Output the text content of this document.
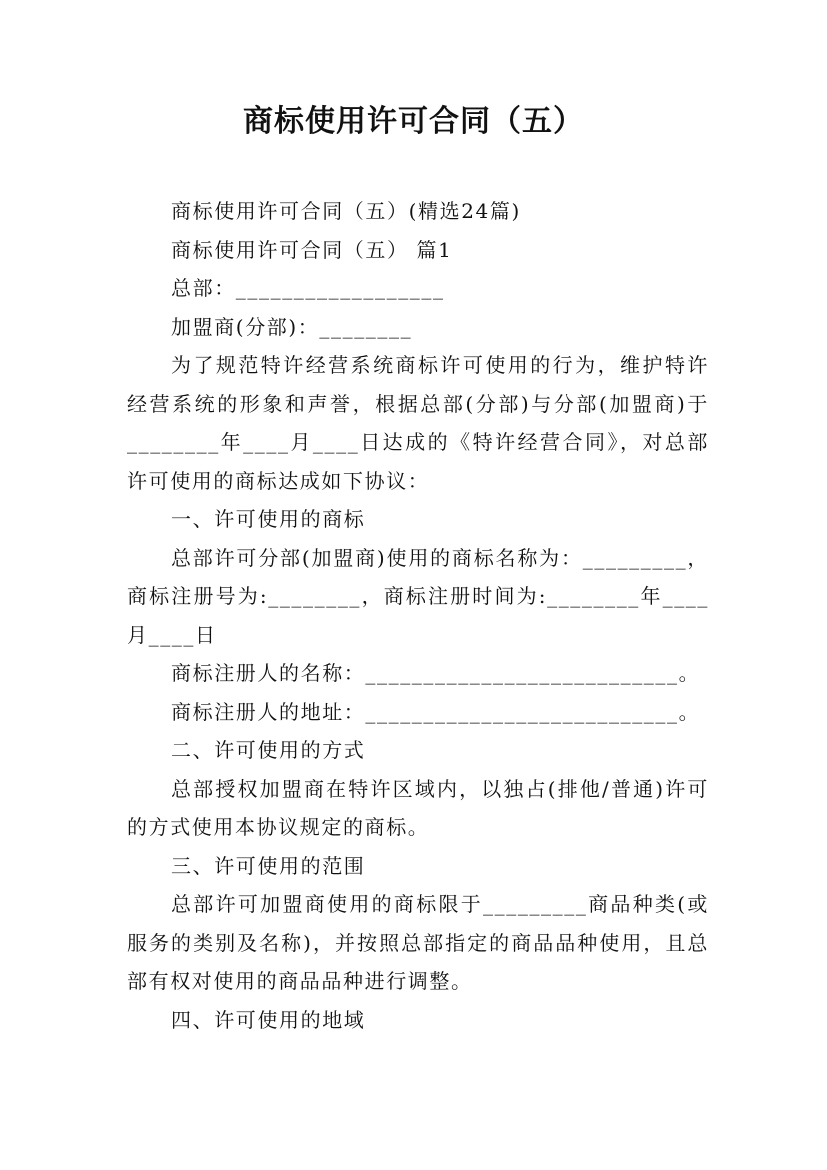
商标使用许可合同（五）
商标使用许可合同（五）(精选24篇)
商标使用许可合同（五） 篇1
总部：__________________
加盟商(分部)：________

为了规范特许经营系统商标许可使用的行为，维护特许经营系统的形象和声誉，根据总部(分部)与分部(加盟商)于________年____月____日达成的《特许经营合同》，对总部许可使用的商标达成如下协议：

一、许可使用的商标

总部许可分部(加盟商)使用的商标名称为：_________，商标注册号为:________，商标注册时间为:________年____月____日

商标注册人的名称：___________________________。
商标注册人的地址：___________________________。
二、许可使用的方式

总部授权加盟商在特许区域内，以独占(排他/普通)许可的方式使用本协议规定的商标。

三、许可使用的范围

总部许可加盟商使用的商标限于_________商品种类(或服务的类别及名称)，并按照总部指定的商品品种使用，且总部有权对使用的商品品种进行调整。

四、许可使用的地域
